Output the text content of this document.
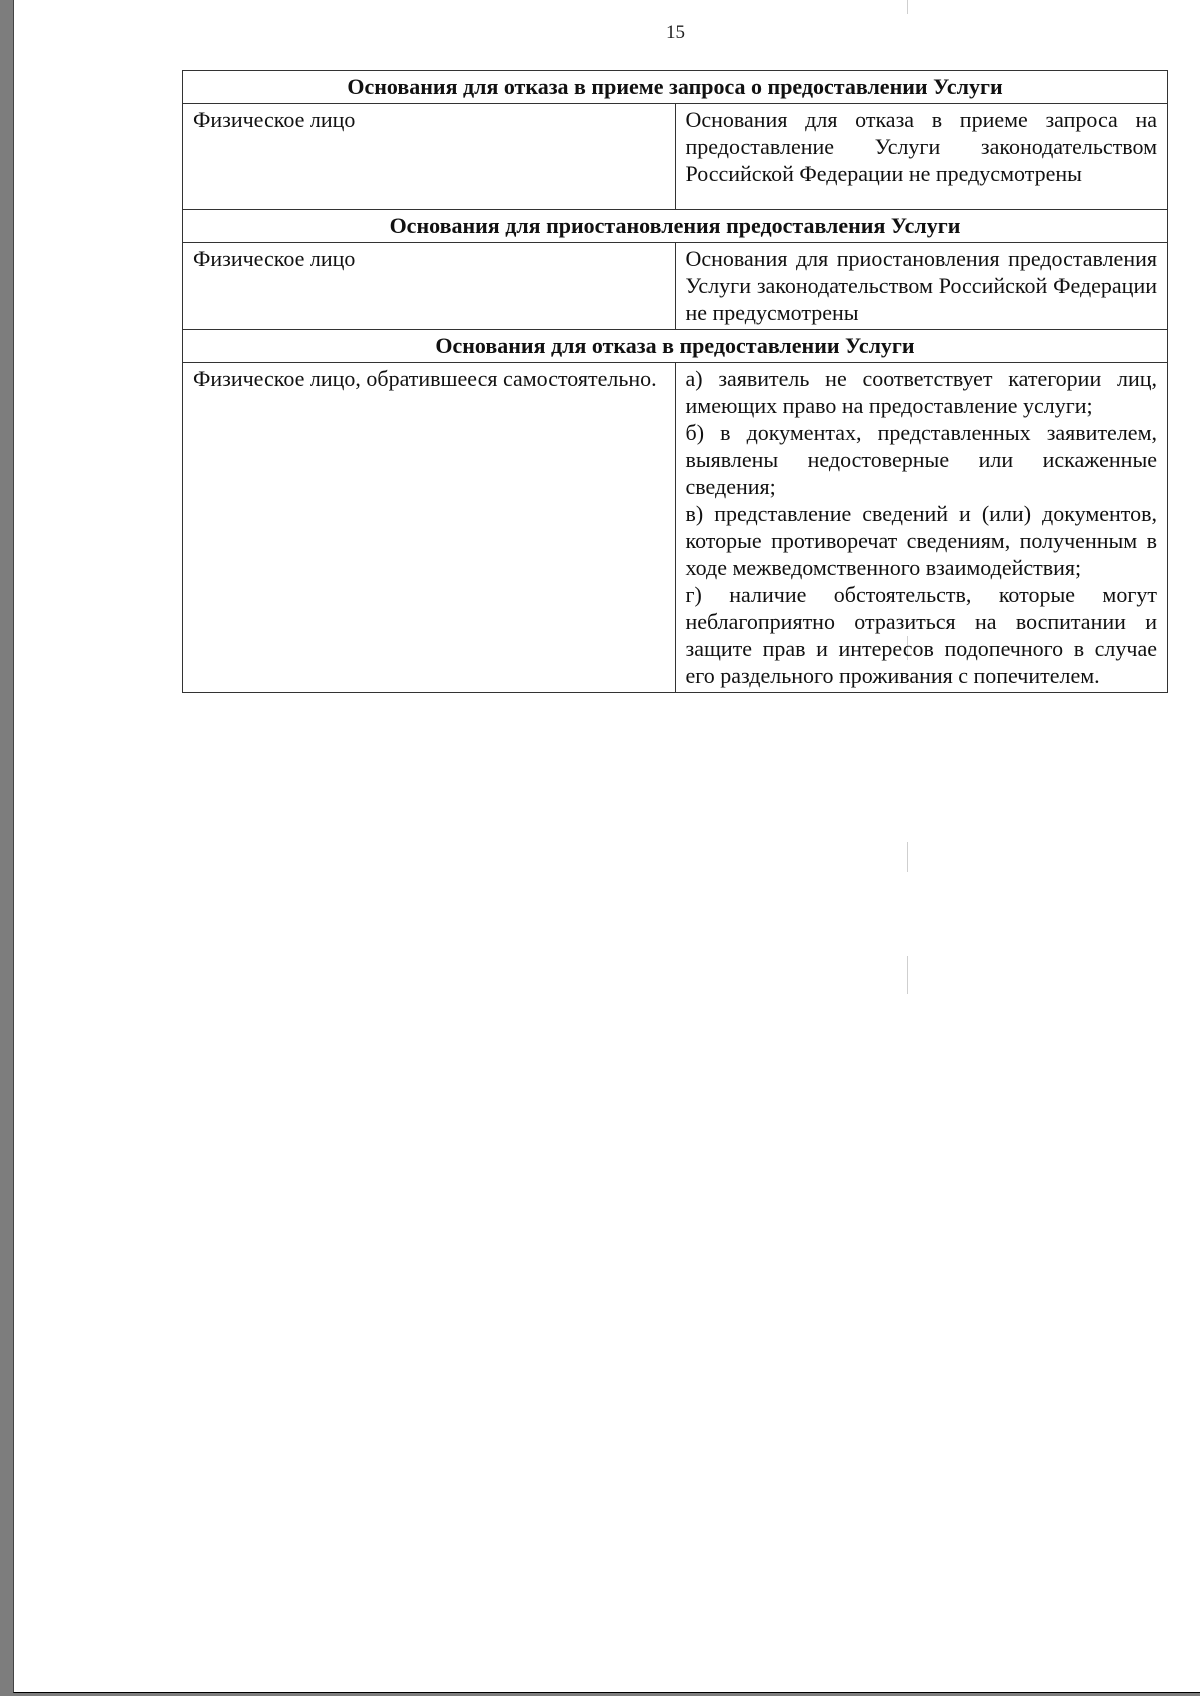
15
Основания для отказа в приеме запроса о предоставлении Услуги	
Физическое лицо	Основания для отказа в приеме запроса на предоставление Услуги законодательством Российской Федерации не предусмотрены
Основания для приостановления предоставления Услуги	
Физическое лицо	Основания для приостановления предоставления Услуги законодательством Российской Федерации не предусмотрены
Основания для отказа в предоставлении Услуги	
Физическое лицо, обратившееся самостоятельно.	а) заявитель не соответствует категории лиц, имеющих право на предоставление услуги;
б) в документах, представленных заявителем, выявлены недостоверные или искаженные сведения;
в) представление сведений и (или) документов, которые противоречат сведениям, полученным в ходе межведомственного взаимодействия;
г) наличие обстоятельств, которые могут неблагоприятно отразиться на воспитании и защите прав и интересов подопечного в случае его раздельного проживания с попечителем.
